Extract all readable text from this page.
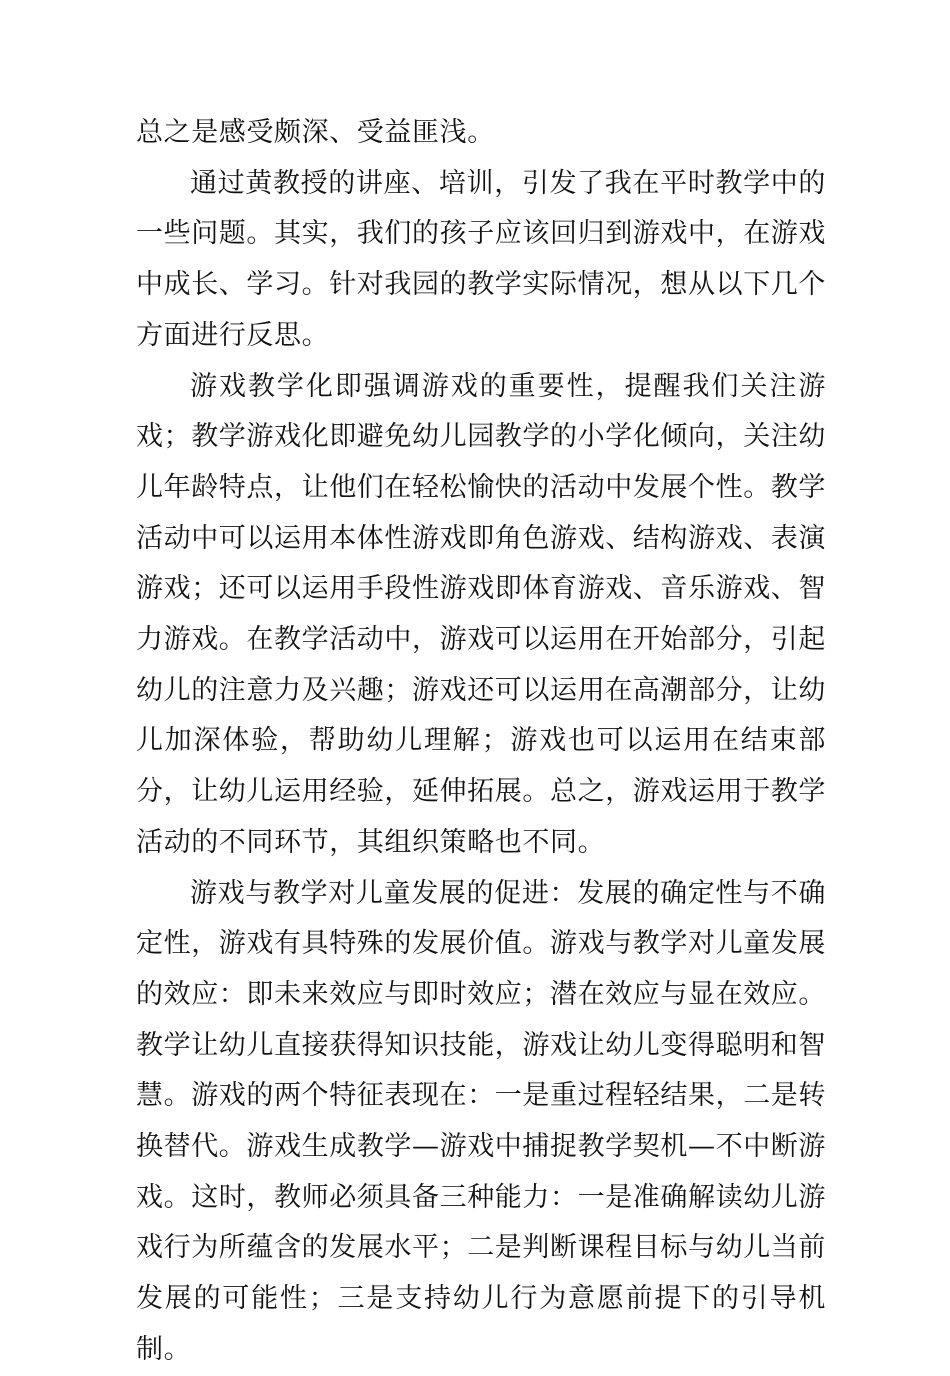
总之是感受颇深、受益匪浅。

通过黄教授的讲座、培训，引发了我在平时教学中的一些问题。其实，我们的孩子应该回归到游戏中，在游戏中成长、学习。针对我园的教学实际情况，想从以下几个方面进行反思。

游戏教学化即强调游戏的重要性，提醒我们关注游戏；教学游戏化即避免幼儿园教学的小学化倾向，关注幼儿年龄特点，让他们在轻松愉快的活动中发展个性。教学活动中可以运用本体性游戏即角色游戏、结构游戏、表演游戏；还可以运用手段性游戏即体育游戏、音乐游戏、智力游戏。在教学活动中，游戏可以运用在开始部分，引起幼儿的注意力及兴趣；游戏还可以运用在高潮部分，让幼儿加深体验，帮助幼儿理解；游戏也可以运用在结束部分，让幼儿运用经验，延伸拓展。总之，游戏运用于教学活动的不同环节，其组织策略也不同。

游戏与教学对儿童发展的促进：发展的确定性与不确定性，游戏有具特殊的发展价值。游戏与教学对儿童发展的效应：即未来效应与即时效应；潜在效应与显在效应。教学让幼儿直接获得知识技能，游戏让幼儿变得聪明和智慧。游戏的两个特征表现在：一是重过程轻结果，二是转换替代。游戏生成教学—游戏中捕捉教学契机—不中断游戏。这时，教师必须具备三种能力：一是准确解读幼儿游戏行为所蕴含的发展水平；二是判断课程目标与幼儿当前发展的可能性；三是支持幼儿行为意愿前提下的引导机制。
